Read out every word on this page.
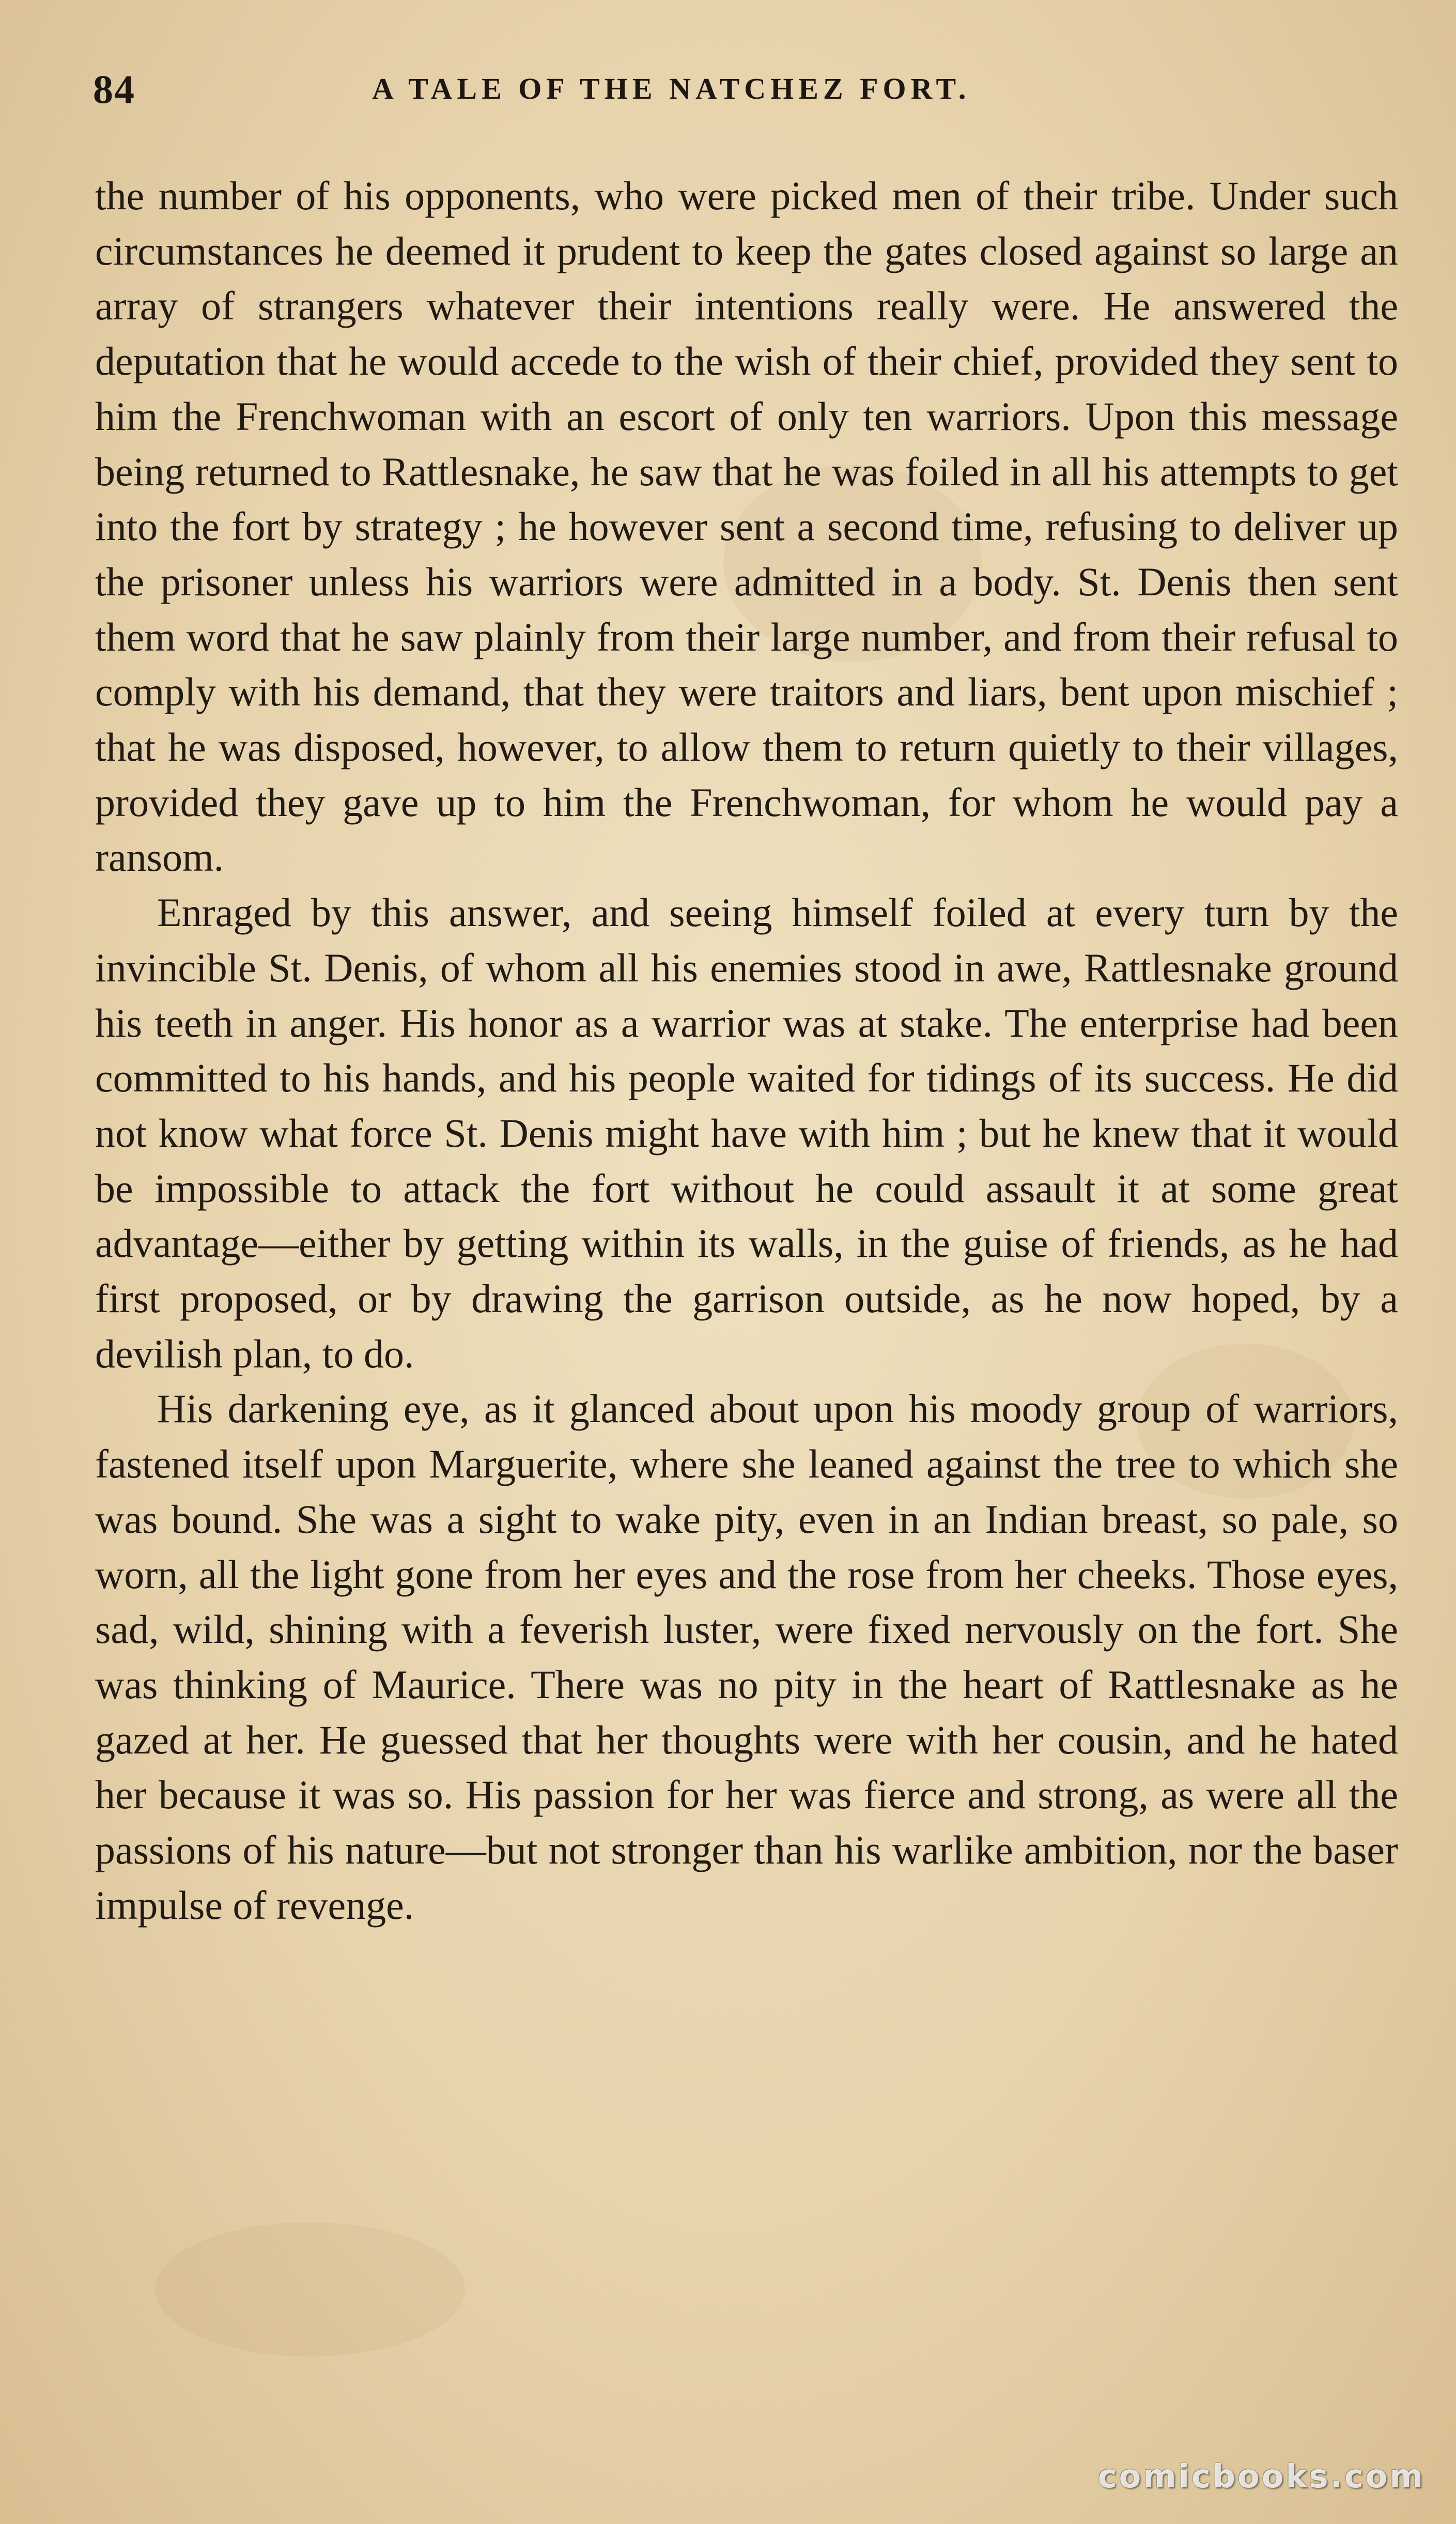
84	A TALE OF THE NATCHEZ FORT.

the number of his opponents, who were picked men of their tribe. Under such circumstances he deemed it prudent to keep the gates closed against so large an array of strangers whatever their intentions really were. He answered the deputation that he would accede to the wish of their chief, provided they sent to him the Frenchwoman with an escort of only ten warriors. Upon this message being returned to Rattlesnake, he saw that he was foiled in all his attempts to get into the fort by strategy ; he however sent a second time, refusing to deliver up the prisoner unless his warriors were admitted in a body. St. Denis then sent them word that he saw plainly from their large number, and from their refusal to comply with his demand, that they were traitors and liars, bent upon mischief ; that he was disposed, however, to allow them to return quietly to their villages, provided they gave up to him the Frenchwoman, for whom he would pay a ransom.

Enraged by this answer, and seeing himself foiled at every turn by the invincible St. Denis, of whom all his enemies stood in awe, Rattlesnake ground his teeth in anger. His honor as a warrior was at stake. The enterprise had been committed to his hands, and his people waited for tidings of its success. He did not know what force St. Denis might have with him ; but he knew that it would be impossible to attack the fort without he could assault it at some great advantage—either by getting within its walls, in the guise of friends, as he had first proposed, or by drawing the garrison outside, as he now hoped, by a devilish plan, to do.

His darkening eye, as it glanced about upon his moody group of warriors, fastened itself upon Marguerite, where she leaned against the tree to which she was bound. She was a sight to wake pity, even in an Indian breast, so pale, so worn, all the light gone from her eyes and the rose from her cheeks. Those eyes, sad, wild, shining with a feverish luster, were fixed nervously on the fort. She was thinking of Maurice. There was no pity in the heart of Rattlesnake as he gazed at her. He guessed that her thoughts were with her cousin, and he hated her because it was so. His passion for her was fierce and strong, as were all the passions of his nature—but not stronger than his warlike ambition, nor the baser impulse of revenge.

comicbooks.com
